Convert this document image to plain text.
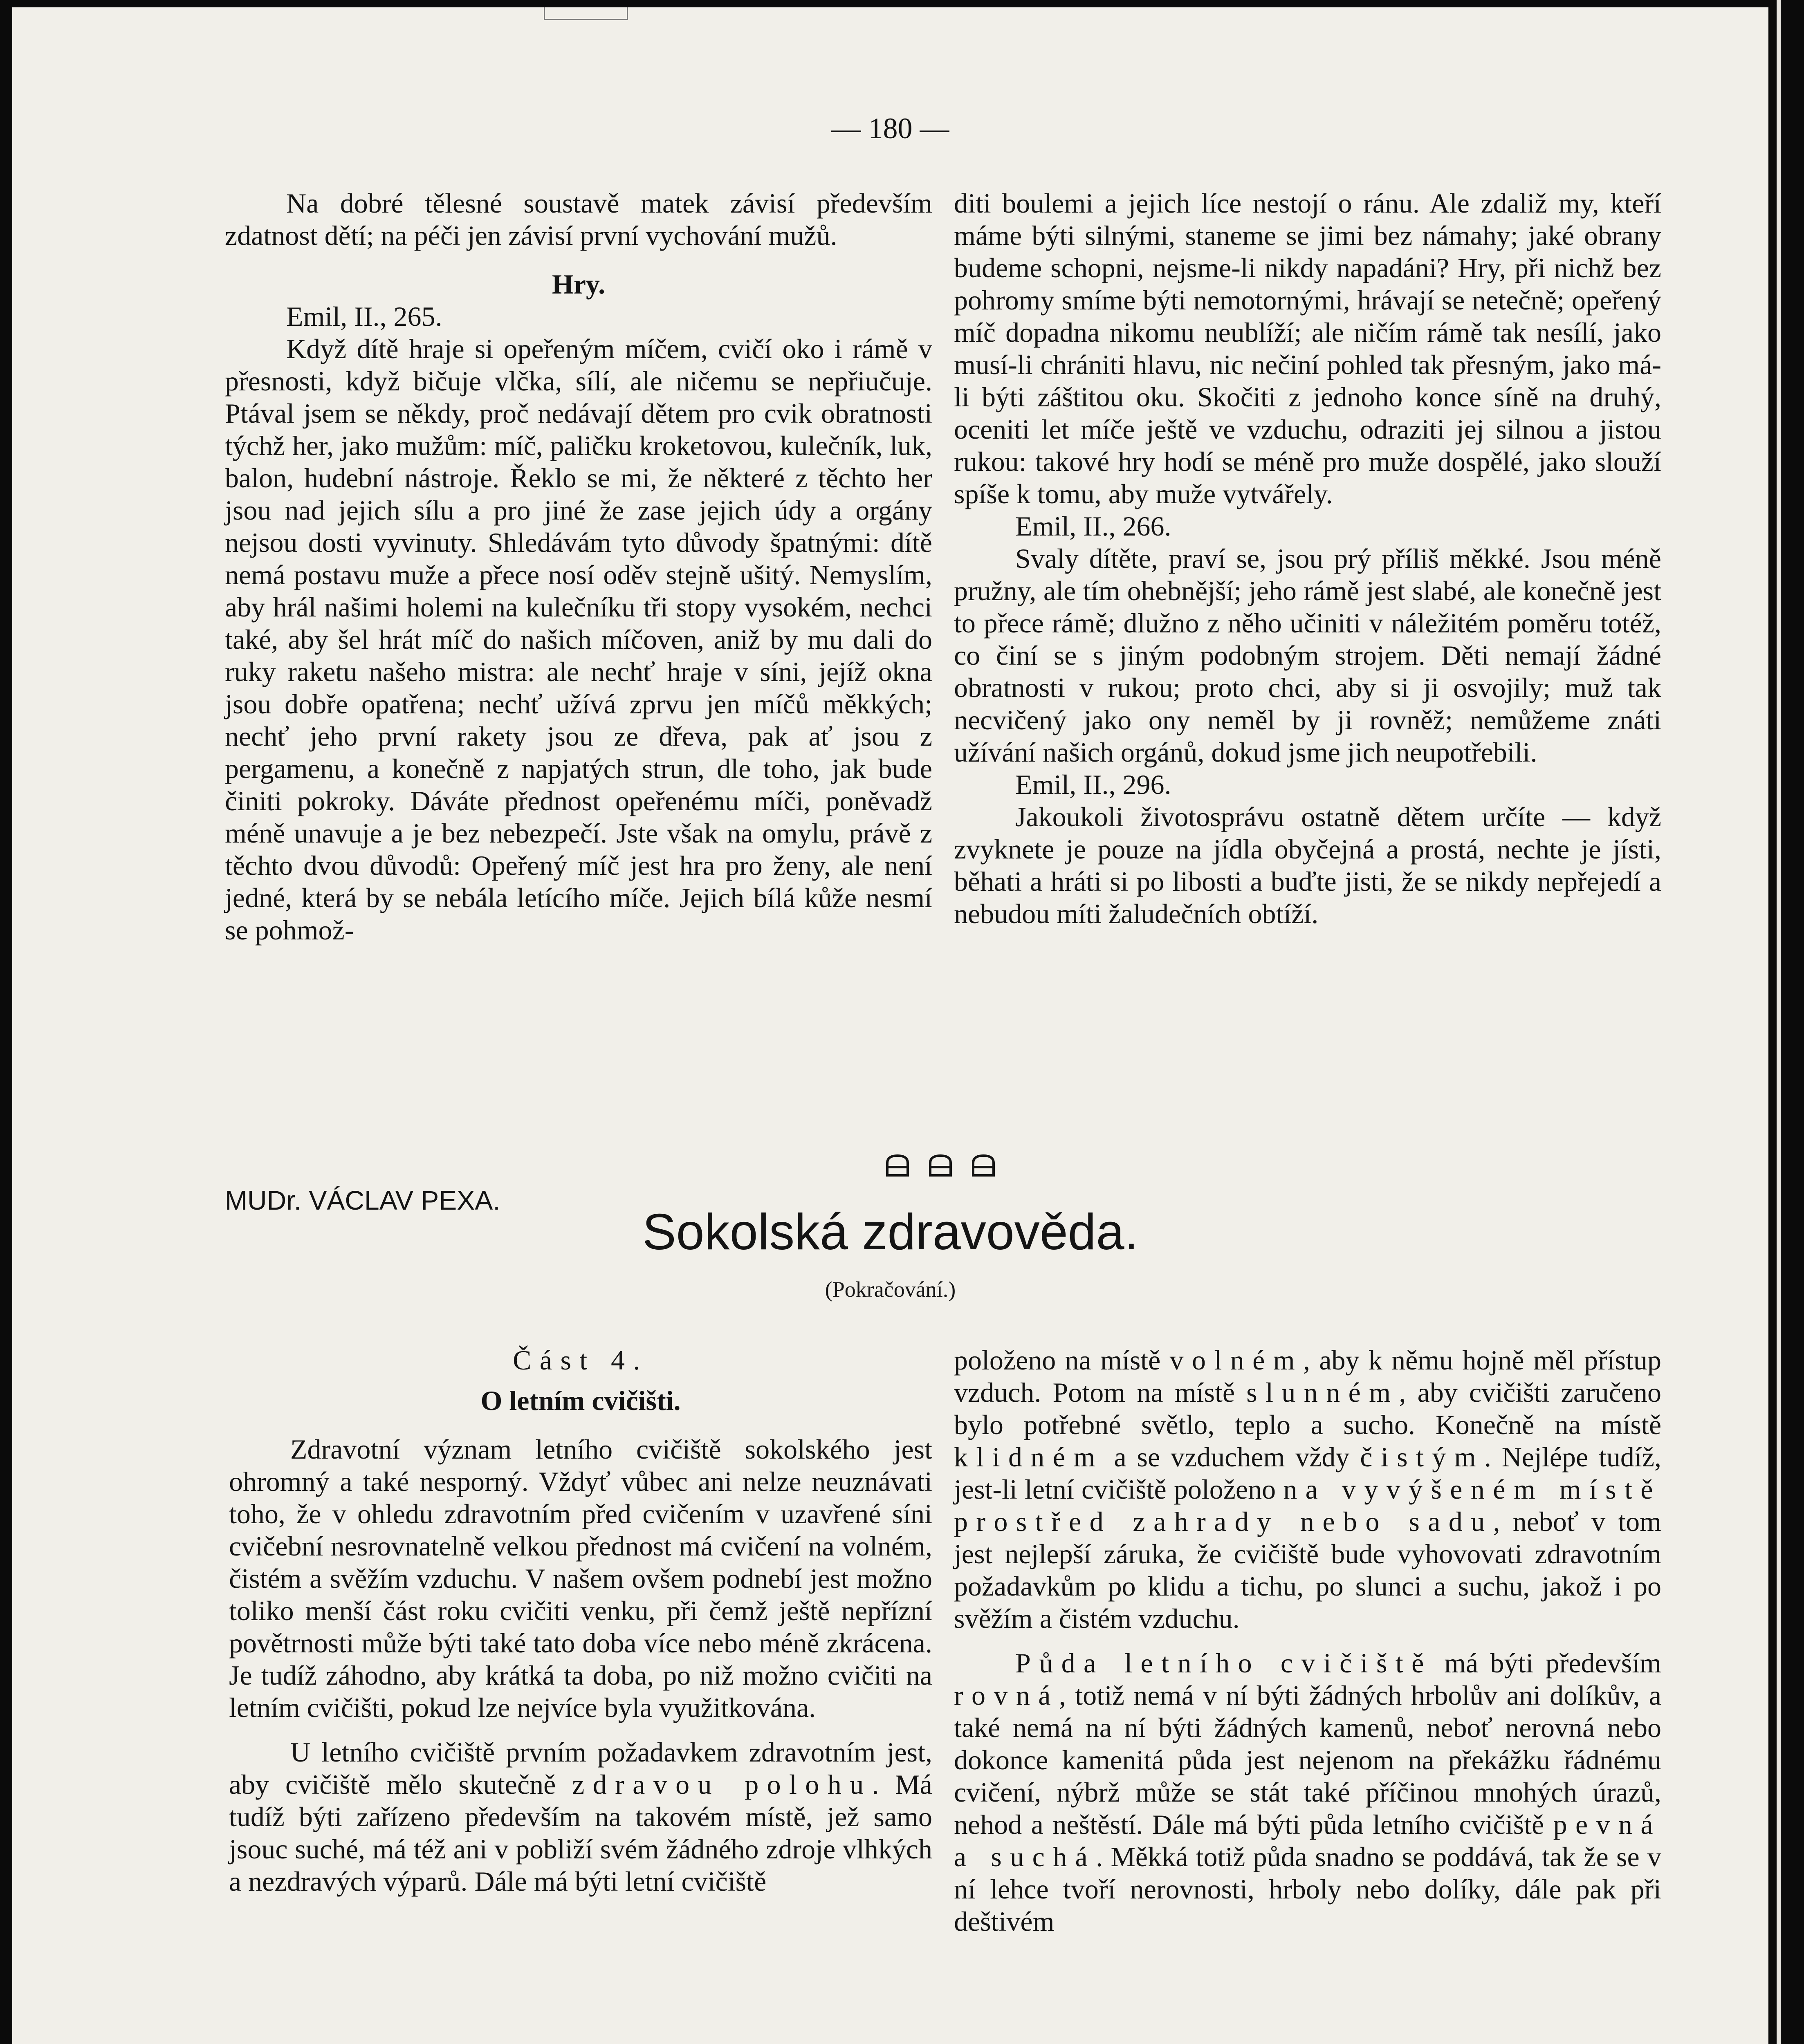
— 180 —

Na dobré tělesné soustavě matek závisí především zdatnost dětí; na péči jen závisí první vychování mužů.

Hry.

Emil, II., 265.

Když dítě hraje si opeřeným míčem, cvičí oko i rámě v přesnosti, když bičuje vlčka, sílí, ale ničemu se nepřiučuje. Ptával jsem se někdy, proč nedávají dětem pro cvik obratnosti týchž her, jako mužům: míč, paličku kroketovou, kulečník, luk, balon, hudební nástroje. Řeklo se mi, že některé z těchto her jsou nad jejich sílu a pro jiné že zase jejich údy a orgány nejsou dosti vyvinuty. Shledávám tyto důvody špatnými: dítě nemá postavu muže a přece nosí oděv stejně ušitý. Nemyslím, aby hrál našimi holemi na kulečníku tři stopy vysokém, nechci také, aby šel hrát míč do našich míčoven, aniž by mu dali do ruky raketu našeho mistra: ale nechť hraje v síni, jejíž okna jsou dobře opatřena; nechť užívá zprvu jen míčů měkkých; nechť jeho první rakety jsou ze dřeva, pak ať jsou z pergamenu, a konečně z napjatých strun, dle toho, jak bude činiti pokroky. Dáváte přednost opeřenému míči, poněvadž méně unavuje a je bez nebezpečí. Jste však na omylu, právě z těchto dvou důvodů: Opeřený míč jest hra pro ženy, ale není jedné, která by se nebála letícího míče. Jejich bílá kůže nesmí se pohmož-

diti boulemi a jejich líce nestojí o ránu. Ale zdaliž my, kteří máme býti silnými, staneme se jimi bez námahy; jaké obrany budeme schopni, nejsme-li nikdy napadáni? Hry, při nichž bez pohromy smíme býti nemotornými, hrávají se netečně; opeřený míč dopadna nikomu neublíží; ale ničím rámě tak nesílí, jako musí-li chrániti hlavu, nic nečiní pohled tak přesným, jako má-li býti záštitou oku. Skočiti z jednoho konce síně na druhý, oceniti let míče ještě ve vzduchu, odraziti jej silnou a jistou rukou: takové hry hodí se méně pro muže dospělé, jako slouží spíše k tomu, aby muže vytvářely.

Emil, II., 266.

Svaly dítěte, praví se, jsou prý příliš měkké. Jsou méně pružny, ale tím ohebnější; jeho rámě jest slabé, ale konečně jest to přece rámě; dlužno z něho učiniti v náležitém poměru totéž, co činí se s jiným podobným strojem. Děti nemají žádné obratnosti v rukou; proto chci, aby si ji osvojily; muž tak necvičený jako ony neměl by ji rovněž; nemůžeme znáti užívání našich orgánů, dokud jsme jich neupotřebili.

Emil, II., 296.

Jakoukoli životosprávu ostatně dětem určíte — když zvyknete je pouze na jídla obyčejná a prostá, nechte je jísti, běhati a hráti si po libosti a buďte jisti, že se nikdy nepřejedí a nebudou míti žaludečních obtíží.

MUDr. VÁCLAV PEXA.
Sokolská zdravověda.
(Pokračování.)

Část 4.

O letním cvičišti.

Zdravotní význam letního cvičiště sokolského jest ohromný a také nesporný. Vždyť vůbec ani nelze neuznávati toho, že v ohledu zdravotním před cvičením v uzavřené síni cvičební nesrovnatelně velkou přednost má cvičení na volném, čistém a svěžím vzduchu. V našem ovšem podnebí jest možno toliko menší část roku cvičiti venku, při čemž ještě nepřízní povětrnosti může býti také tato doba více nebo méně zkrácena. Je tudíž záhodno, aby krátká ta doba, po niž možno cvičiti na letním cvičišti, pokud lze nejvíce byla využitkována.

U letního cvičiště prvním požadavkem zdravotním jest, aby cvičiště mělo skutečně zdravou polohu. Má tudíž býti zařízeno především na takovém místě, jež samo jsouc suché, má též ani v pobliží svém žádného zdroje vlhkých a nezdravých výparů. Dále má býti letní cvičiště

položeno na místě volném, aby k němu hojně měl přístup vzduch. Potom na místě slunném, aby cvičišti zaručeno bylo potřebné světlo, teplo a sucho. Konečně na místě klidném a se vzduchem vždy čistým. Nejlépe tudíž, jest-li letní cvičiště položeno na vyvýšeném místě prostřed zahrady nebo sadu, neboť v tom jest nejlepší záruka, že cvičiště bude vyhovovati zdravotním požadavkům po klidu a tichu, po slunci a suchu, jakož i po svěžím a čistém vzduchu.

Půda letního cvičiště má býti především rovná, totiž nemá v ní býti žádných hrbolův ani dolíkův, a také nemá na ní býti žádných kamenů, neboť nerovná nebo dokonce kamenitá půda jest nejenom na překážku řádnému cvičení, nýbrž může se stát také příčinou mnohých úrazů, nehod a neštěstí. Dále má býti půda letního cvičiště pevná a suchá. Měkká totiž půda snadno se poddává, tak že se v ní lehce tvoří nerovnosti, hrboly nebo dolíky, dále pak při deštivém
